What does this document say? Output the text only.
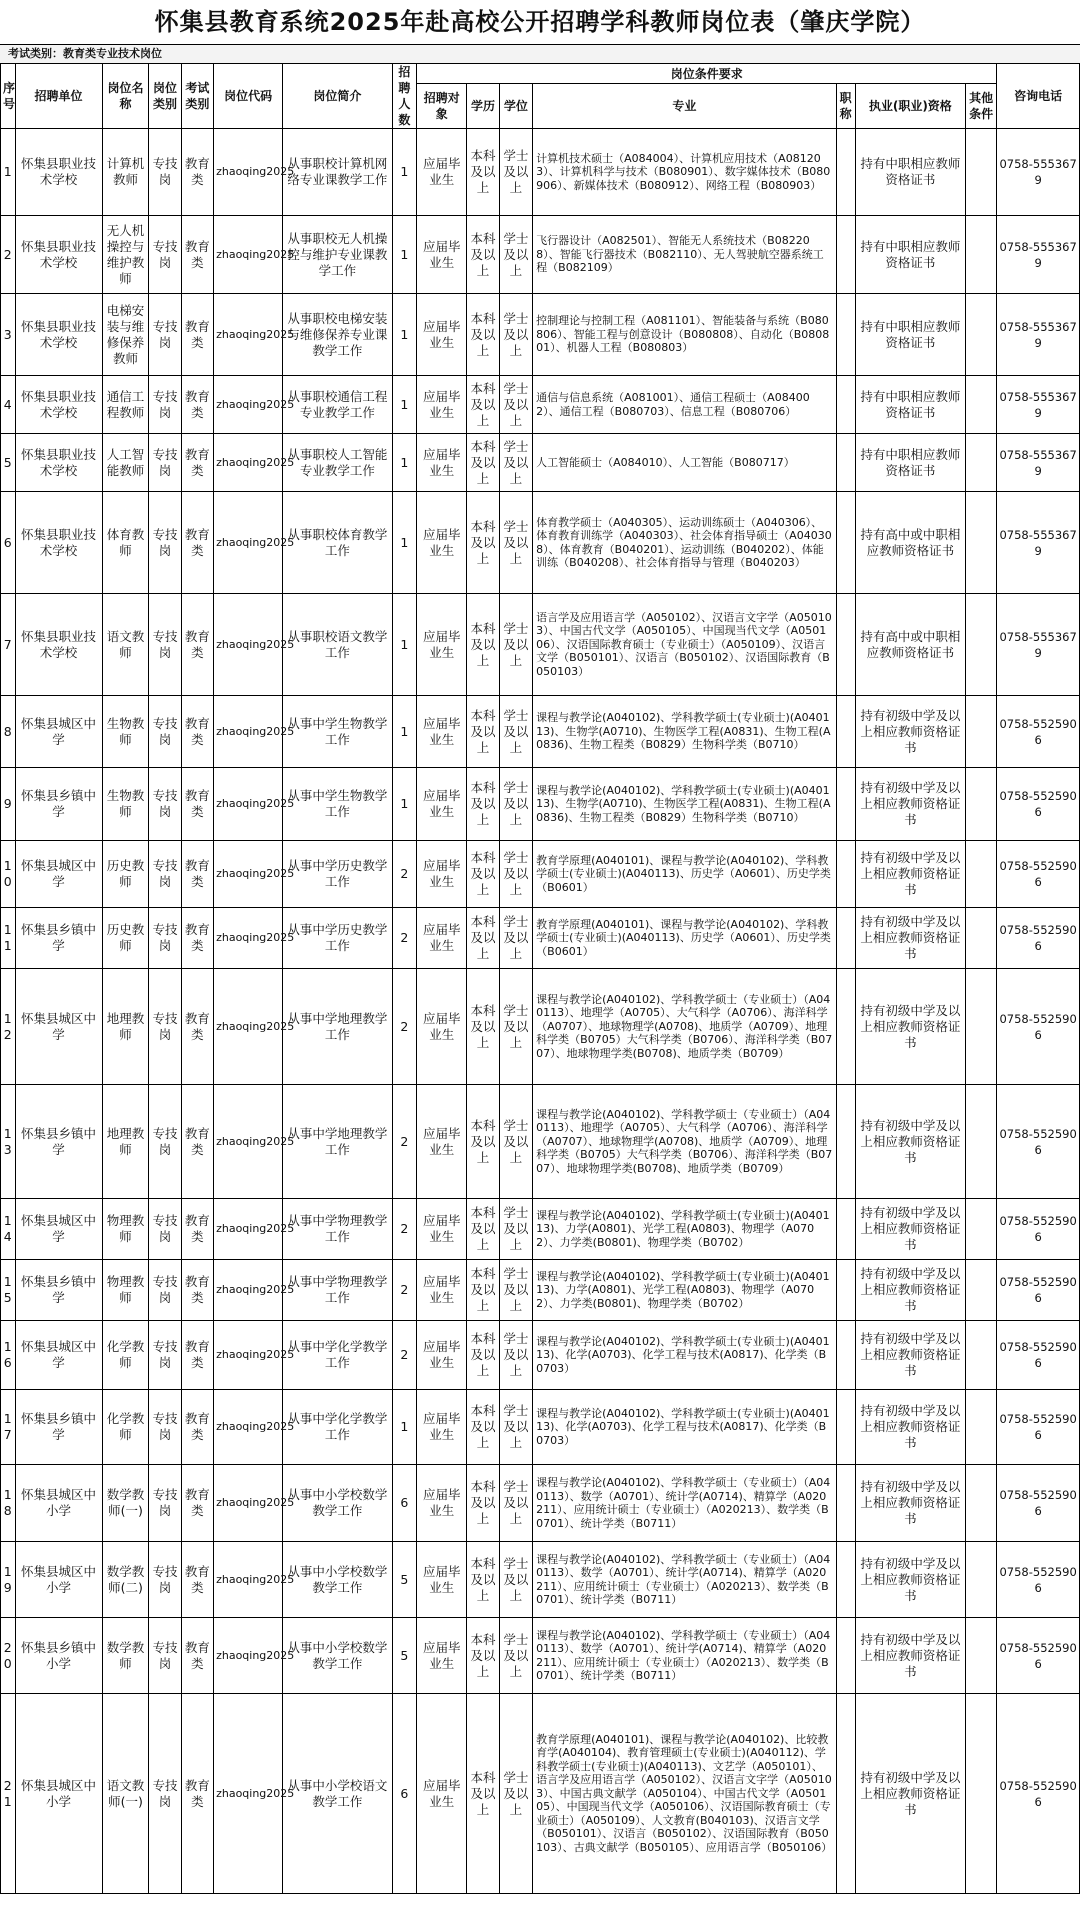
怀集县教育系统2025年赴高校公开招聘学科教师岗位表（肇庆学院）
考试类别：教育类专业技术岗位
序号	招聘单位	岗位名称	岗位类别	考试类别	岗位代码	岗位简介	招聘人数	岗位条件要求							咨询电话
								招聘对象	学历	学位	专业	职称	执业(职业)资格	其他条件	
1	怀集县职业技术学校	计算机教师	专技岗	教育类	zhaoqing2025	从事职校计算机网络专业课教学工作	1	应届毕业生	本科及以上	学士及以上	计算机技术硕士（A084004）、计算机应用技术（A081203）、计算机科学与技术（B080901）、数字媒体技术（B080906）、新媒体技术（B080912）、网络工程（B080903）		持有中职相应教师资格证书		0758-5553679
2	怀集县职业技术学校	无人机操控与维护教师	专技岗	教育类	zhaoqing2025	从事职校无人机操控与维护专业课教学工作	1	应届毕业生	本科及以上	学士及以上	飞行器设计（A082501）、智能无人系统技术（B082208）、智能飞行器技术（B082110）、无人驾驶航空器系统工程（B082109）		持有中职相应教师资格证书		0758-5553679
3	怀集县职业技术学校	电梯安装与维修保养教师	专技岗	教育类	zhaoqing2025	从事职校电梯安装与维修保养专业课教学工作	1	应届毕业生	本科及以上	学士及以上	控制理论与控制工程（A081101）、智能装备与系统（B080806）、智能工程与创意设计（B080808）、自动化（B080801）、机器人工程（B080803）		持有中职相应教师资格证书		0758-5553679
4	怀集县职业技术学校	通信工程教师	专技岗	教育类	zhaoqing2025	从事职校通信工程专业教学工作	1	应届毕业生	本科及以上	学士及以上	通信与信息系统（A081001）、通信工程硕士（A084002）、通信工程（B080703）、信息工程（B080706）		持有中职相应教师资格证书		0758-5553679
5	怀集县职业技术学校	人工智能教师	专技岗	教育类	zhaoqing2025	从事职校人工智能专业教学工作	1	应届毕业生	本科及以上	学士及以上	人工智能硕士（A084010）、人工智能（B080717）		持有中职相应教师资格证书		0758-5553679
6	怀集县职业技术学校	体育教师	专技岗	教育类	zhaoqing2025	从事职校体育教学工作	1	应届毕业生	本科及以上	学士及以上	体育教学硕士（A040305）、运动训练硕士（A040306）、体育教育训练学（A040303）、社会体育指导硕士（A040308）、体育教育（B040201）、运动训练（B040202）、体能训练（B040208）、社会体育指导与管理（B040203）		持有高中或中职相应教师资格证书		0758-5553679
7	怀集县职业技术学校	语文教师	专技岗	教育类	zhaoqing2025	从事职校语文教学工作	1	应届毕业生	本科及以上	学士及以上	语言学及应用语言学（A050102）、汉语言文字学（A050103）、中国古代文学（A050105）、中国现当代文学（A050106）、汉语国际教育硕士（专业硕士）（A050109）、汉语言文学（B050101）、汉语言（B050102）、汉语国际教育（B050103）		持有高中或中职相应教师资格证书		0758-5553679
8	怀集县城区中学	生物教师	专技岗	教育类	zhaoqing2025	从事中学生物教学工作	1	应届毕业生	本科及以上	学士及以上	课程与教学论(A040102)、学科教学硕士(专业硕士)(A040113)、生物学(A0710)、生物医学工程(A0831)、生物工程(A0836)、生物工程类（B0829）生物科学类（B0710）		持有初级中学及以上相应教师资格证书		0758-5525906
9	怀集县乡镇中学	生物教师	专技岗	教育类	zhaoqing2025	从事中学生物教学工作	1	应届毕业生	本科及以上	学士及以上	课程与教学论(A040102)、学科教学硕士(专业硕士)(A040113)、生物学(A0710)、生物医学工程(A0831)、生物工程(A0836)、生物工程类（B0829）生物科学类（B0710）		持有初级中学及以上相应教师资格证书		0758-5525906
10	怀集县城区中学	历史教师	专技岗	教育类	zhaoqing2025	从事中学历史教学工作	2	应届毕业生	本科及以上	学士及以上	教育学原理(A040101)、课程与教学论(A040102)、学科教学硕士(专业硕士)(A040113)、历史学（A0601）、历史学类（B0601）		持有初级中学及以上相应教师资格证书		0758-5525906
11	怀集县乡镇中学	历史教师	专技岗	教育类	zhaoqing2025	从事中学历史教学工作	2	应届毕业生	本科及以上	学士及以上	教育学原理(A040101)、课程与教学论(A040102)、学科教学硕士(专业硕士)(A040113)、历史学（A0601）、历史学类（B0601）		持有初级中学及以上相应教师资格证书		0758-5525906
12	怀集县城区中学	地理教师	专技岗	教育类	zhaoqing2025	从事中学地理教学工作	2	应届毕业生	本科及以上	学士及以上	课程与教学论(A040102)、学科教学硕士（专业硕士）（A040113）、地理学（A0705）、大气科学（A0706）、海洋科学（A0707）、地球物理学(A0708)、地质学（A0709）、地理科学类（B0705）大气科学类（B0706）、海洋科学类（B0707）、地球物理学类(B0708)、地质学类（B0709）		持有初级中学及以上相应教师资格证书		0758-5525906
13	怀集县乡镇中学	地理教师	专技岗	教育类	zhaoqing2025	从事中学地理教学工作	2	应届毕业生	本科及以上	学士及以上	课程与教学论(A040102)、学科教学硕士（专业硕士）（A040113）、地理学（A0705）、大气科学（A0706）、海洋科学（A0707）、地球物理学(A0708)、地质学（A0709）、地理科学类（B0705）大气科学类（B0706）、海洋科学类（B0707）、地球物理学类(B0708)、地质学类（B0709）		持有初级中学及以上相应教师资格证书		0758-5525906
14	怀集县城区中学	物理教师	专技岗	教育类	zhaoqing2025	从事中学物理教学工作	2	应届毕业生	本科及以上	学士及以上	课程与教学论(A040102)、学科教学硕士(专业硕士)(A040113)、力学(A0801)、光学工程(A0803)、物理学（A0702）、力学类(B0801)、物理学类（B0702）		持有初级中学及以上相应教师资格证书		0758-5525906
15	怀集县乡镇中学	物理教师	专技岗	教育类	zhaoqing2025	从事中学物理教学工作	2	应届毕业生	本科及以上	学士及以上	课程与教学论(A040102)、学科教学硕士(专业硕士)(A040113)、力学(A0801)、光学工程(A0803)、物理学（A0702）、力学类(B0801)、物理学类（B0702）		持有初级中学及以上相应教师资格证书		0758-5525906
16	怀集县城区中学	化学教师	专技岗	教育类	zhaoqing2025	从事中学化学教学工作	2	应届毕业生	本科及以上	学士及以上	课程与教学论(A040102)、学科教学硕士(专业硕士)(A040113)、化学(A0703)、化学工程与技术(A0817)、化学类（B0703）		持有初级中学及以上相应教师资格证书		0758-5525906
17	怀集县乡镇中学	化学教师	专技岗	教育类	zhaoqing2025	从事中学化学教学工作	1	应届毕业生	本科及以上	学士及以上	课程与教学论(A040102)、学科教学硕士(专业硕士)(A040113)、化学(A0703)、化学工程与技术(A0817)、化学类（B0703）		持有初级中学及以上相应教师资格证书		0758-5525906
18	怀集县城区中小学	数学教师(一)	专技岗	教育类	zhaoqing2025	从事中小学校数学教学工作	6	应届毕业生	本科及以上	学士及以上	课程与教学论(A040102)、学科教学硕士（专业硕士）（A040113）、数学（A0701）、统计学(A0714)、精算学（A020211）、应用统计硕士（专业硕士）（A020213）、数学类（B0701）、统计学类（B0711）		持有初级中学及以上相应教师资格证书		0758-5525906
19	怀集县城区中小学	数学教师(二)	专技岗	教育类	zhaoqing2025	从事中小学校数学教学工作	5	应届毕业生	本科及以上	学士及以上	课程与教学论(A040102)、学科教学硕士（专业硕士）（A040113）、数学（A0701）、统计学(A0714)、精算学（A020211）、应用统计硕士（专业硕士）（A020213）、数学类（B0701）、统计学类（B0711）		持有初级中学及以上相应教师资格证书		0758-5525906
20	怀集县乡镇中小学	数学教师	专技岗	教育类	zhaoqing2025	从事中小学校数学教学工作	5	应届毕业生	本科及以上	学士及以上	课程与教学论(A040102)、学科教学硕士（专业硕士）（A040113）、数学（A0701）、统计学(A0714)、精算学（A020211）、应用统计硕士（专业硕士）（A020213）、数学类（B0701）、统计学类（B0711）		持有初级中学及以上相应教师资格证书		0758-5525906
21	怀集县城区中小学	语文教师(一)	专技岗	教育类	zhaoqing2025	从事中小学校语文教学工作	6	应届毕业生	本科及以上	学士及以上	教育学原理(A040101)、课程与教学论(A040102)、比较教育学(A040104)、教育管理硕士(专业硕士)(A040112)、学科教学硕士(专业硕士)(A040113)、文艺学（A050101）、语言学及应用语言学（A050102）、汉语言文字学（A050103）、中国古典文献学（A050104）、中国古代文学（A050105）、中国现当代文学（A050106）、汉语国际教育硕士（专业硕士）（A050109）、人文教育(B040103)、汉语言文学（B050101）、汉语言（B050102）、汉语国际教育（B050103）、古典文献学（B050105）、应用语言学（B050106）		持有初级中学及以上相应教师资格证书		0758-5525906
